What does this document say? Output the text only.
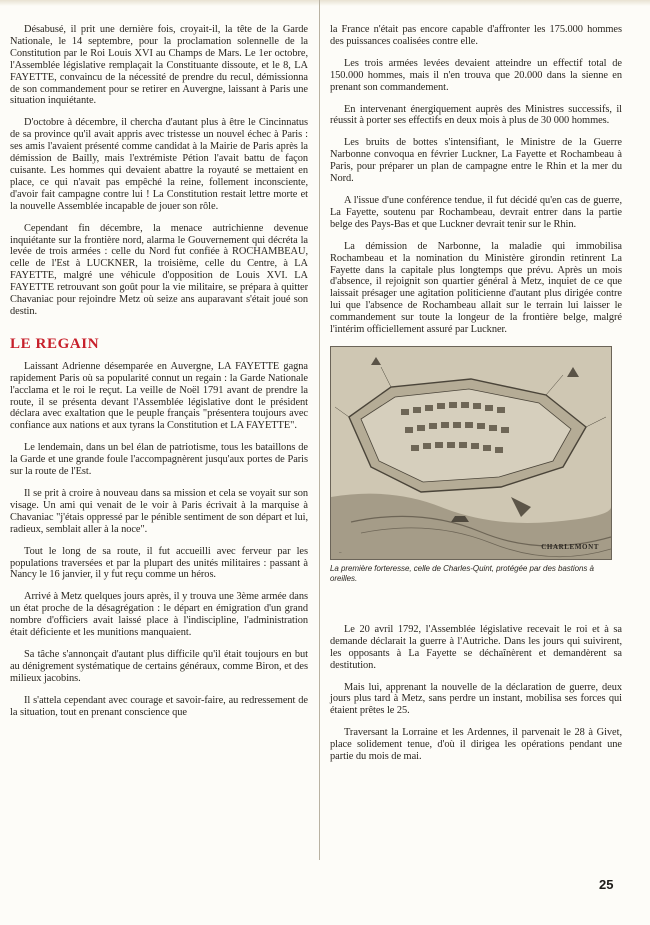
Désabusé, il prit une dernière fois, croyait-il, la tête de la Garde Nationale, le 14 septembre, pour la proclamation solennelle de la Constitution par le Roi Louis XVI au Champs de Mars. Le 1er octobre, l'Assemblée législative remplaçait la Constituante dissoute, et le 8, LA FAYETTE, convaincu de la nécessité de prendre du recul, démissionna de son commandement pour se retirer en Auvergne, laissant à Paris une situation inquiétante.

D'octobre à décembre, il chercha d'autant plus à être le Cincinnatus de sa province qu'il avait appris avec tristesse un nouvel échec à Paris : ses amis l'avaient présenté comme candidat à la Mairie de Paris après la démission de Bailly, mais l'extrémiste Pétion l'avait battu de façon cuisante. Les hommes qui devaient abattre la royauté se mettaient en place, ce qui n'avait pas empêché la reine, follement inconsciente, d'avoir fait campagne contre lui ! La Constitution restait lettre morte et la nouvelle Assemblée incapable de jouer son rôle.

Cependant fin décembre, la menace autrichienne devenue inquiétante sur la frontière nord, alarma le Gouvernement qui décréta la levée de trois armées : celle du Nord fut confiée à ROCHAMBEAU, celle de l'Est à LUCKNER, la troisième, celle du Centre, à LA FAYETTE, malgré une véhicule d'opposition de Louis XVI. LA FAYETTE retrouvant son goût pour la vie militaire, se prépara à quitter Chavaniac pour rejoindre Metz où seize ans auparavant s'était joué son destin.

LE REGAIN

Laissant Adrienne désemparée en Auvergne, LA FAYETTE gagna rapidement Paris où sa popularité connut un regain : la Garde Nationale l'acclama et le roi le reçut. La veille de Noël 1791 avant de prendre la route, il se présenta devant l'Assemblée législative dont le président déclara avec exaltation que le peuple français "présentera toujours avec confiance aux nations et aux tyrans la Constitution et LA FAYETTE".

Le lendemain, dans un bel élan de patriotisme, tous les bataillons de la Garde et une grande foule l'accompagnèrent jusqu'aux portes de Paris sur la route de l'Est.

Il se prit à croire à nouveau dans sa mission et cela se voyait sur son visage. Un ami qui venait de le voir à Paris écrivait à la marquise à Chavaniac "j'étais oppressé par le pénible sentiment de son départ et lui, radieux, semblait aller à la noce".

Tout le long de sa route, il fut accueilli avec ferveur par les populations traversées et par la plupart des unités militaires : passant à Nancy le 16 janvier, il y fut reçu comme un héros.

Arrivé à Metz quelques jours après, il y trouva une 3ème armée dans un état proche de la désagrégation : le départ en émigration d'un grand nombre d'officiers avait laissé place à l'indiscipline, l'administration était déficiente et les munitions manquaient.

Sa tâche s'annonçait d'autant plus difficile qu'il était toujours en but au dénigrement systématique de certains généraux, comme Biron, et des milieux jacobins.

Il s'attela cependant avec courage et savoir-faire, au redressement de la situation, tout en prenant conscience que

la France n'était pas encore capable d'affronter les 175.000 hommes des puissances coalisées contre elle.

Les trois armées levées devaient atteindre un effectif total de 150.000 hommes, mais il n'en trouva que 20.000 dans la sienne en prenant son commandement.

En intervenant énergiquement auprès des Ministres successifs, il réussit à porter ses effectifs en deux mois à plus de 30 000 hommes.

Les bruits de bottes s'intensifiant, le Ministre de la Guerre Narbonne convoqua en février Luckner, La Fayette et Rochambeau à Paris, pour préparer un plan de campagne entre le Rhin et la mer du Nord.

A l'issue d'une conférence tendue, il fut décidé qu'en cas de guerre, La Fayette, soutenu par Rochambeau, devrait entrer dans la partie belge des Pays-Bas et que Luckner devrait tenir sur le Rhin.

La démission de Narbonne, la maladie qui immobilisa Rochambeau et la nomination du Ministère girondin retinrent La Fayette dans la capitale plus longtemps que prévu. Après un mois d'absence, il rejoignit son quartier général à Metz, inquiet de ce que laissait présager une agitation politicienne d'autant plus dirigée contre lui que l'absence de Rochambeau allait sur le terrain lui laisser le commandement sur toute la longeur de la frontière belge, malgré l'intérim officiellement assuré par Luckner.

~
CHARLEMONT

La première forteresse, celle de Charles-Quint, protégée par des bastions à oreilles.

Le 20 avril 1792, l'Assemblée législative recevait le roi et à sa demande déclarait la guerre à l'Autriche. Dans les jours qui suivirent, les opposants à La Fayette se déchaînèrent et demandèrent sa destitution.

Mais lui, apprenant la nouvelle de la déclaration de guerre, deux jours plus tard à Metz, sans perdre un instant, mobilisa ses forces qui étaient prêtes le 25.

Traversant la Lorraine et les Ardennes, il parvenait le 28 à Givet, place solidement tenue, d'où il dirigea les opérations pendant une partie du mois de mai.

25
